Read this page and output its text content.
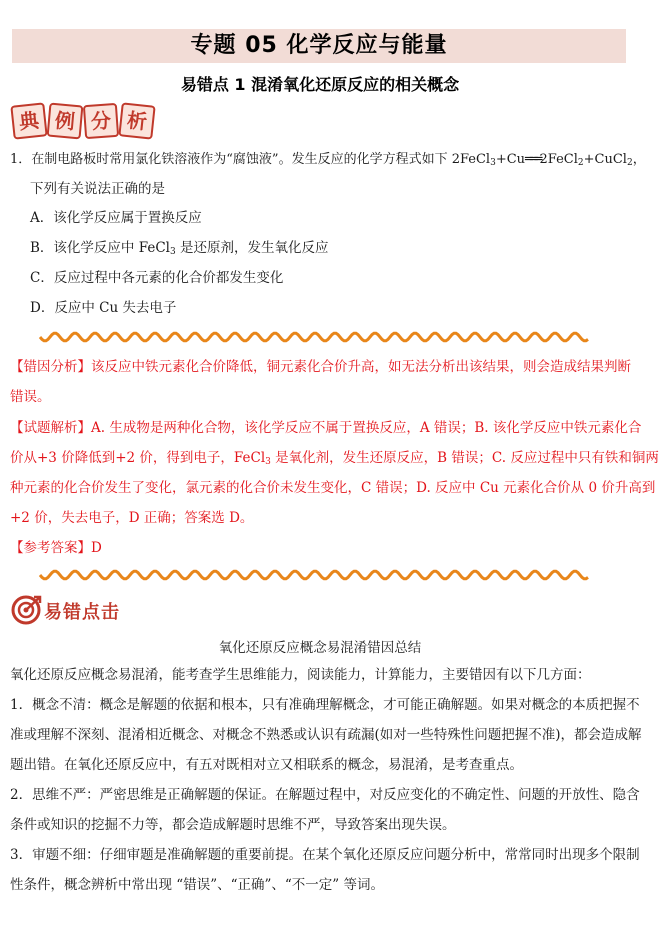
专题 05 化学反应与能量
易错点 1 混淆氧化还原反应的相关概念
典 例 分 析
1．在制电路板时常用氯化铁溶液作为“腐蚀液”。发生反应的化学方程式如下 2FeCl$_3$+Cu═══2FeCl$_2$+CuCl$_2$，
下列有关说法正确的是
A．该化学反应属于置换反应
B．该化学反应中 FeCl$_3$ 是还原剂，发生氧化反应
C．反应过程中各元素的化合价都发生变化
D．反应中 Cu 失去电子
【错因分析】该反应中铁元素化合价降低，铜元素化合价升高，如无法分析出该结果，则会造成结果判断
错误。
【试题解析】A. 生成物是两种化合物，该化学反应不属于置换反应，A 错误；B. 该化学反应中铁元素化合
价从+3 价降低到+2 价，得到电子，FeCl$_3$ 是氧化剂，发生还原反应，B 错误；C. 反应过程中只有铁和铜两
种元素的化合价发生了变化，氯元素的化合价未发生变化，C 错误；D. 反应中 Cu 元素化合价从 0 价升高到
+2 价，失去电子，D 正确；答案选 D。
【参考答案】D
易错点击
氧化还原反应概念易混淆错因总结
氧化还原反应概念易混淆，能考查学生思维能力，阅读能力，计算能力，主要错因有以下几方面：
1．概念不清：概念是解题的依据和根本，只有准确理解概念，才可能正确解题。如果对概念的本质把握不
准或理解不深刻、混淆相近概念、对概念不熟悉或认识有疏漏(如对一些特殊性问题把握不准)，都会造成解
题出错。在氧化还原反应中，有五对既相对立又相联系的概念，易混淆，是考查重点。
2．思维不严：严密思维是正确解题的保证。在解题过程中，对反应变化的不确定性、问题的开放性、隐含
条件或知识的挖掘不力等，都会造成解题时思维不严，导致答案出现失误。
3．审题不细：仔细审题是准确解题的重要前提。在某个氧化还原反应问题分析中，常常同时出现多个限制
性条件，概念辨析中常出现 “错误”、“正确”、“不一定” 等词。
